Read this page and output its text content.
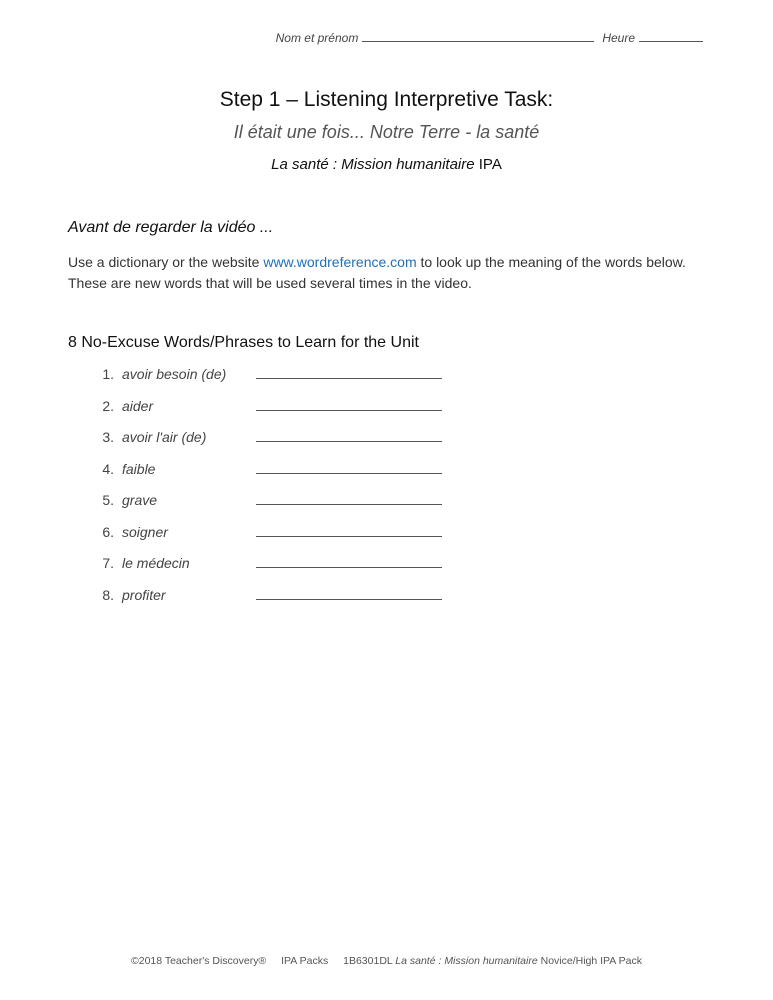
Nom et prénom	Heure
Step 1 – Listening Interpretive Task:
Il était une fois... Notre Terre - la santé
La santé : Mission humanitaire IPA
Avant de regarder la vidéo ...
Use a dictionary or the website www.wordreference.com to look up the meaning of the words below. These are new words that will be used several times in the video.
8 No-Excuse Words/Phrases to Learn for the Unit
1. avoir besoin (de)
2. aider
3. avoir l'air (de)
4. faible
5. grave
6. soigner
7. le médecin
8. profiter
©2018 Teacher's Discovery® IPA Packs 1B6301DL La santé : Mission humanitaire Novice/High IPA Pack
